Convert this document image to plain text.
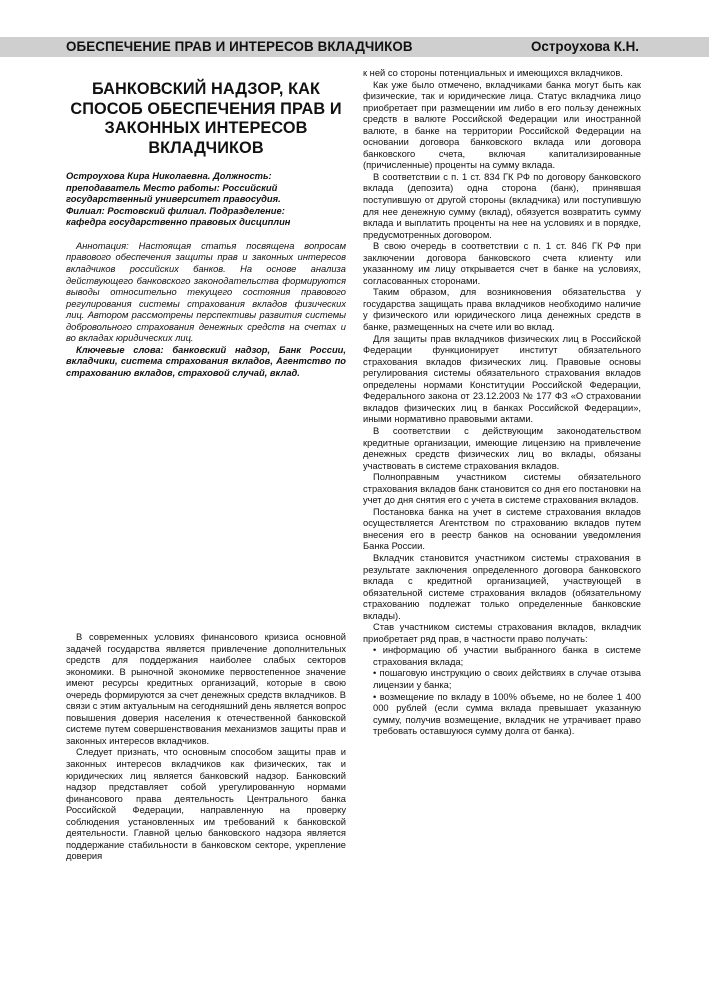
ОБЕСПЕЧЕНИЕ ПРАВ И ИНТЕРЕСОВ ВКЛАДЧИКОВ	Остроухова К.Н.
БАНКОВСКИЙ НАДЗОР, КАК СПОСОБ ОБЕСПЕЧЕНИЯ ПРАВ И ЗАКОННЫХ ИНТЕРЕСОВ ВКЛАДЧИКОВ
Остроухова Кира Николаевна. Должность: преподаватель Место работы: Российский государственный университет правосудия. Филиал: Ростовский филиал. Подразделение: кафедра государственно правовых дисциплин

Аннотация: Настоящая статья посвящена вопросам правового обеспечения защиты прав и законных интересов вкладчиков российских банков. На основе анализа действующего банковского законодательства формируются выводы относительно текущего состояния правового регулирования системы страхования вкладов физических лиц. Автором рассмотрены перспективы развития системы добровольного страхования денежных средств на счетах и во вкладах юридических лиц.

Ключевые слова: банковский надзор, Банк России, вкладчики, система страхования вкладов, Агентство по страхованию вкладов, страховой случай, вклад.

В современных условиях финансового кризиса основной задачей государства является привлечение дополнительных средств для поддержания наиболее слабых секторов экономики. В рыночной экономике первостепенное значение имеют ресурсы кредитных организаций, которые в свою очередь формируются за счет денежных средств вкладчиков. В связи с этим актуальным на сегодняшний день является вопрос повышения доверия населения к отечественной банковской системе путем совершенствования механизмов защиты прав и законных интересов вкладчиков.

Следует признать, что основным способом защиты прав и законных интересов вкладчиков как физических, так и юридических лиц является банковский надзор. Банковский надзор представляет собой урегулированную нормами финансового права деятельность Центрального банка Российской Федерации, направленную на проверку соблюдения установленных им требований к банковской деятельности. Главной целью банковского надзора является поддержание стабильности в банковском секторе, укрепление доверия

к ней со стороны потенциальных и имеющихся вкладчиков.

Как уже было отмечено, вкладчиками банка могут быть как физические, так и юридические лица. Статус вкладчика лицо приобретает при размещении им либо в его пользу денежных средств в валюте Российской Федерации или иностранной валюте, в банке на территории Российской Федерации на основании договора банковского вклада или договора банковского счета, включая капитализированные (причисленные) проценты на сумму вклада.

В соответствии с п. 1 ст. 834 ГК РФ по договору банковского вклада (депозита) одна сторона (банк), принявшая поступившую от другой стороны (вкладчика) или поступившую для нее денежную сумму (вклад), обязуется возвратить сумму вклада и выплатить проценты на нее на условиях и в порядке, предусмотренных договором.

В свою очередь в соответствии с п. 1 ст. 846 ГК РФ при заключении договора банковского счета клиенту или указанному им лицу открывается счет в банке на условиях, согласованных сторонами.

Таким образом, для возникновения обязательства у государства защищать права вкладчиков необходимо наличие у физического или юридического лица денежных средств в банке, размещенных на счете или во вклад.

Для защиты прав вкладчиков физических лиц в Российской Федерации функционирует институт обязательного страхования вкладов физических лиц. Правовые основы регулирования системы обязательного страхования вкладов определены нормами Конституции Российской Федерации, Федерального закона от 23.12.2003 № 177 ФЗ «О страховании вкладов физических лиц в банках Российской Федерации», иными нормативно правовыми актами.

В соответствии с действующим законодательством кредитные организации, имеющие лицензию на привлечение денежных средств физических лиц во вклады, обязаны участвовать в системе страхования вкладов.

Полноправным участником системы обязательного страхования вкладов банк становится со дня его постановки на учет до дня снятия его с учета в системе страхования вкладов.

Постановка банка на учет в системе страхования вкладов осуществляется Агентством по страхованию вкладов путем внесения его в реестр банков на основании уведомления Банка России.

Вкладчик становится участником системы страхования в результате заключения определенного договора банковского вклада с кредитной организацией, участвующей в обязательной системе страхования вкладов (обязательному страхованию подлежат только определенные банковские вклады).

Став участником системы страхования вкладов, вкладчик приобретает ряд прав, в частности право получать:

• информацию об участии выбранного банка в системе страхования вклада;

• пошаговую инструкцию о своих действиях в случае отзыва лицензии у банка;

• возмещение по вкладу в 100% объеме, но не более 1 400 000 рублей (если сумма вклада превышает указанную сумму, получив возмещение, вкладчик не утрачивает право требовать оставшуюся сумму долга от банка).
